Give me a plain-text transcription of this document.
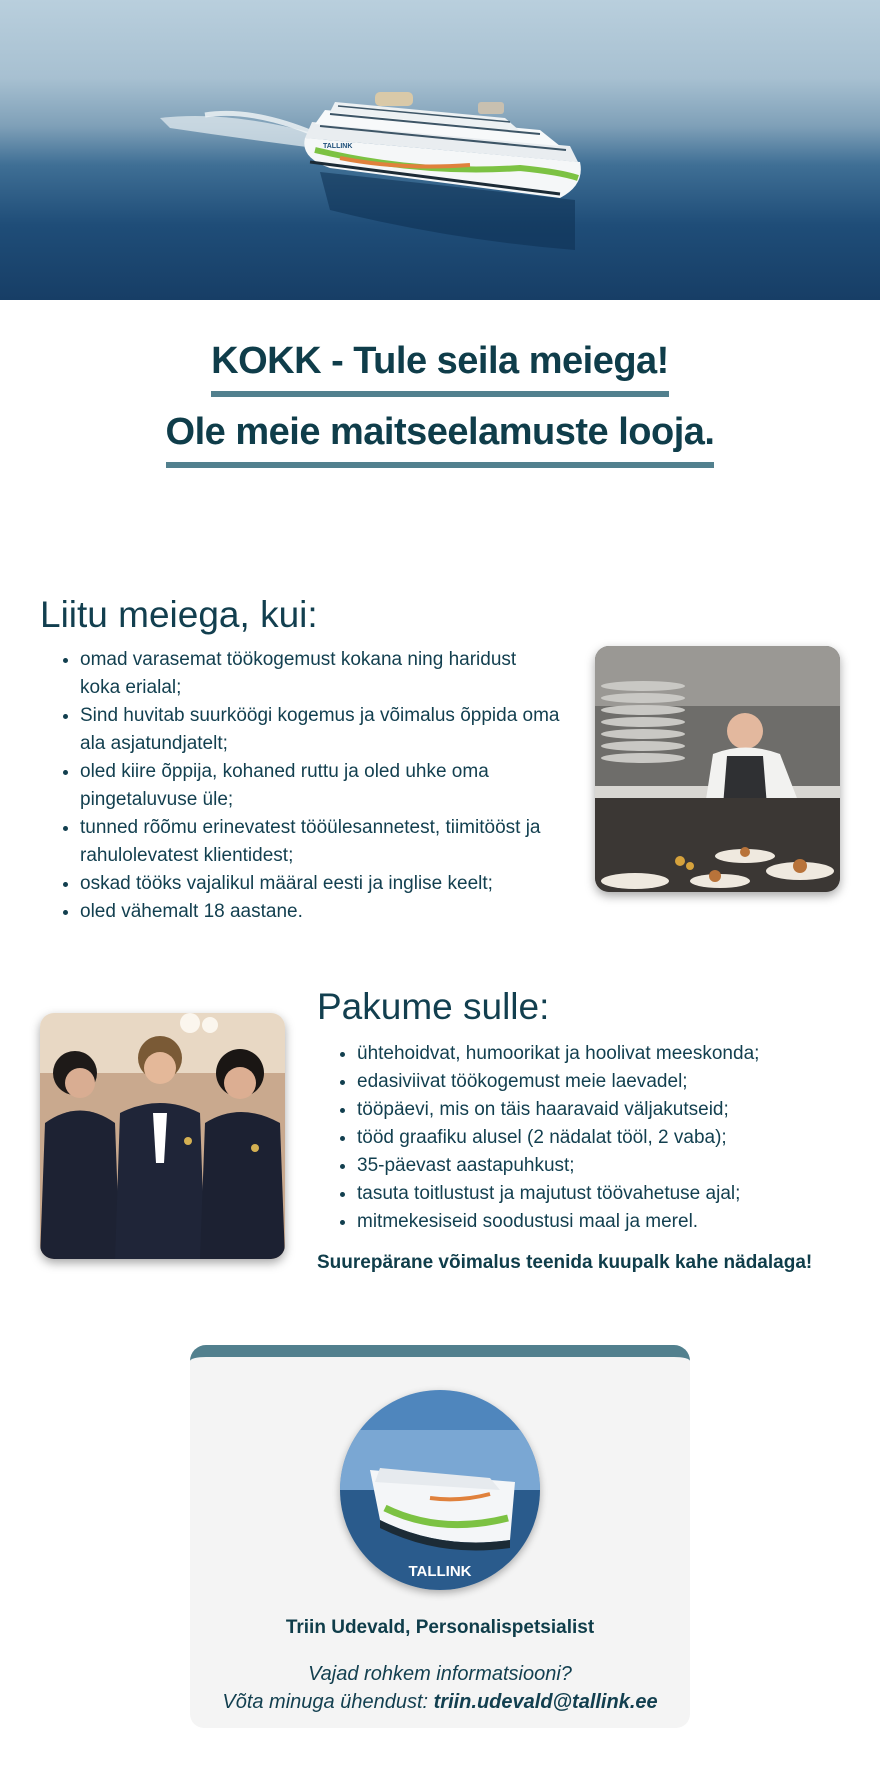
TALLINK
KOKK - Tule seila meiega!
Ole meie maitseelamuste looja.
Liitu meiega, kui:
• omad varasemat töökogemust kokana ning haridust koka erialal;
• Sind huvitab suurköögi kogemus ja võimalus õppida oma ala asjatundjatelt;
• oled kiire õppija, kohaned ruttu ja oled uhke oma pingetaluvuse üle;
• tunned rõõmu erinevatest tööülesannetest, tiimitööst ja rahulolevatest klientidest;
• oskad tööks vajalikul määral eesti ja inglise keelt;
• oled vähemalt 18 aastane.
Pakume sulle:
• ühtehoidvat, humoorikat ja hoolivat meeskonda;
• edasiviivat töökogemust meie laevadel;
• tööpäevi, mis on täis haaravaid väljakutseid;
• tööd graafiku alusel (2 nädalat tööl, 2 vaba);
• 35-päevast aastapuhkust;
• tasuta toitlustust ja majutust töövahetuse ajal;
• mitmekesiseid soodustusi maal ja merel.
Suurepärane võimalus teenida kuupalk kahe nädalaga!
TALLINK
Triin Udevald, Personalispetsialist
Vajad rohkem informatsiooni?
Võta minuga ühendust: triin.udevald@tallink.ee
